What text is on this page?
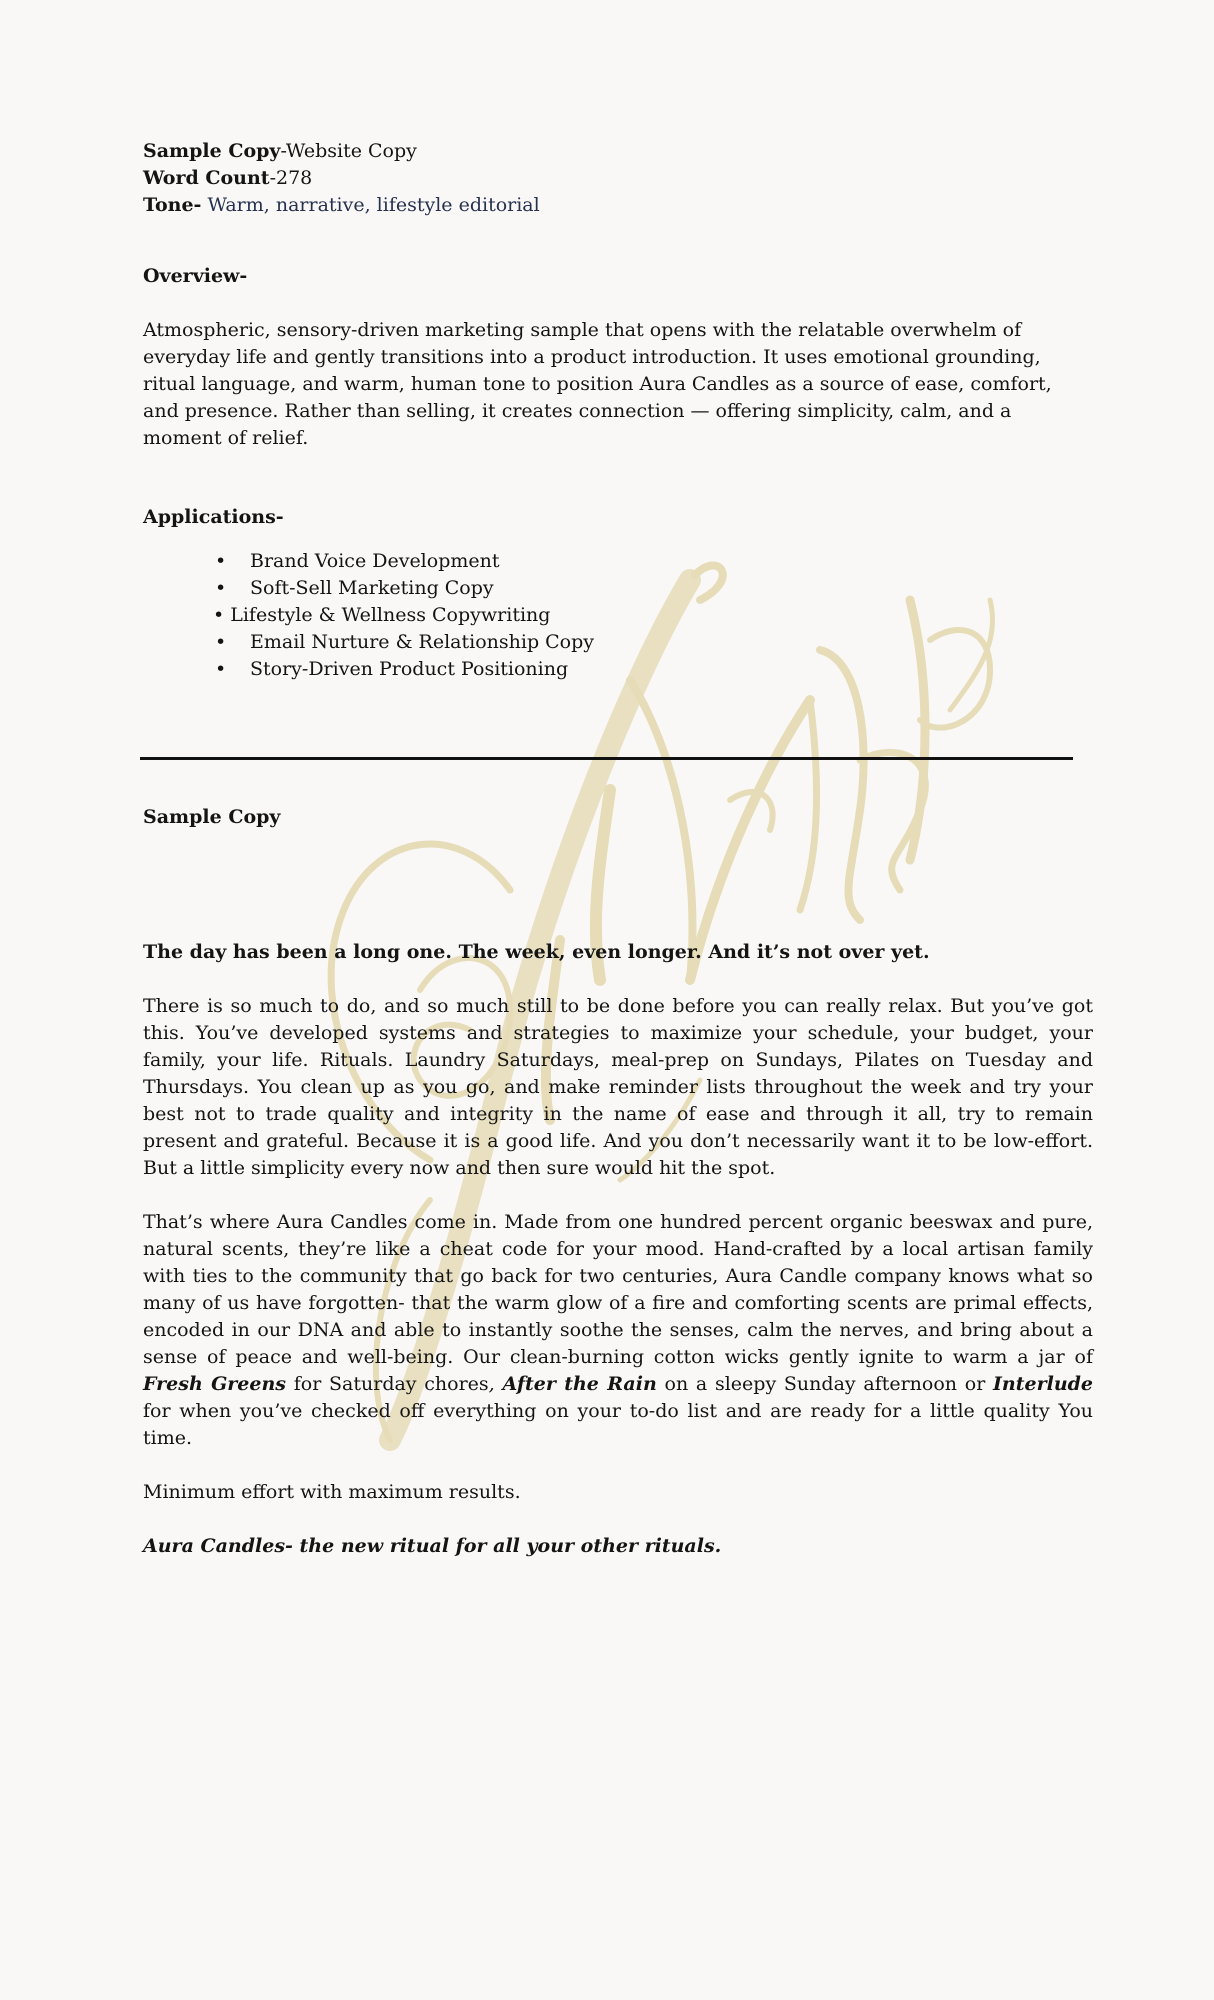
Sample Copy-Website Copy

Word Count-278

Tone- Warm, narrative, lifestyle editorial

Overview-

Atmospheric, sensory-driven marketing sample that opens with the relatable overwhelm of everyday life and gently transitions into a product introduction. It uses emotional grounding, ritual language, and warm, human tone to position Aura Candles as a source of ease, comfort, and presence. Rather than selling, it creates connection — offering simplicity, calm, and a moment of relief.

Applications-
• Brand Voice Development
• Soft-Sell Marketing Copy
• Lifestyle & Wellness Copywriting
• Email Nurture & Relationship Copy
• Story-Driven Product Positioning
Sample Copy
The day has been a long one. The week, even longer. And it’s not over yet.

There is so much to do, and so much still to be done before you can really relax. But you’ve got this. You’ve developed systems and strategies to maximize your schedule, your budget, your family, your life. Rituals. Laundry Saturdays, meal-prep on Sundays, Pilates on Tuesday and Thursdays. You clean up as you go, and make reminder lists throughout the week and try your best not to trade quality and integrity in the name of ease and through it all, try to remain present and grateful. Because it is a good life. And you don’t necessarily want it to be low-effort. But a little simplicity every now and then sure would hit the spot.

That’s where Aura Candles come in. Made from one hundred percent organic beeswax and pure, natural scents, they’re like a cheat code for your mood. Hand-crafted by a local artisan family with ties to the community that go back for two centuries, Aura Candle company knows what so many of us have forgotten- that the warm glow of a fire and comforting scents are primal effects, encoded in our DNA and able to instantly soothe the senses, calm the nerves, and bring about a sense of peace and well-being. Our clean-burning cotton wicks gently ignite to warm a jar of Fresh Greens for Saturday chores, After the Rain on a sleepy Sunday afternoon or Interlude for when you’ve checked off everything on your to-do list and are ready for a little quality You time.

Minimum effort with maximum results.

Aura Candles- the new ritual for all your other rituals.
